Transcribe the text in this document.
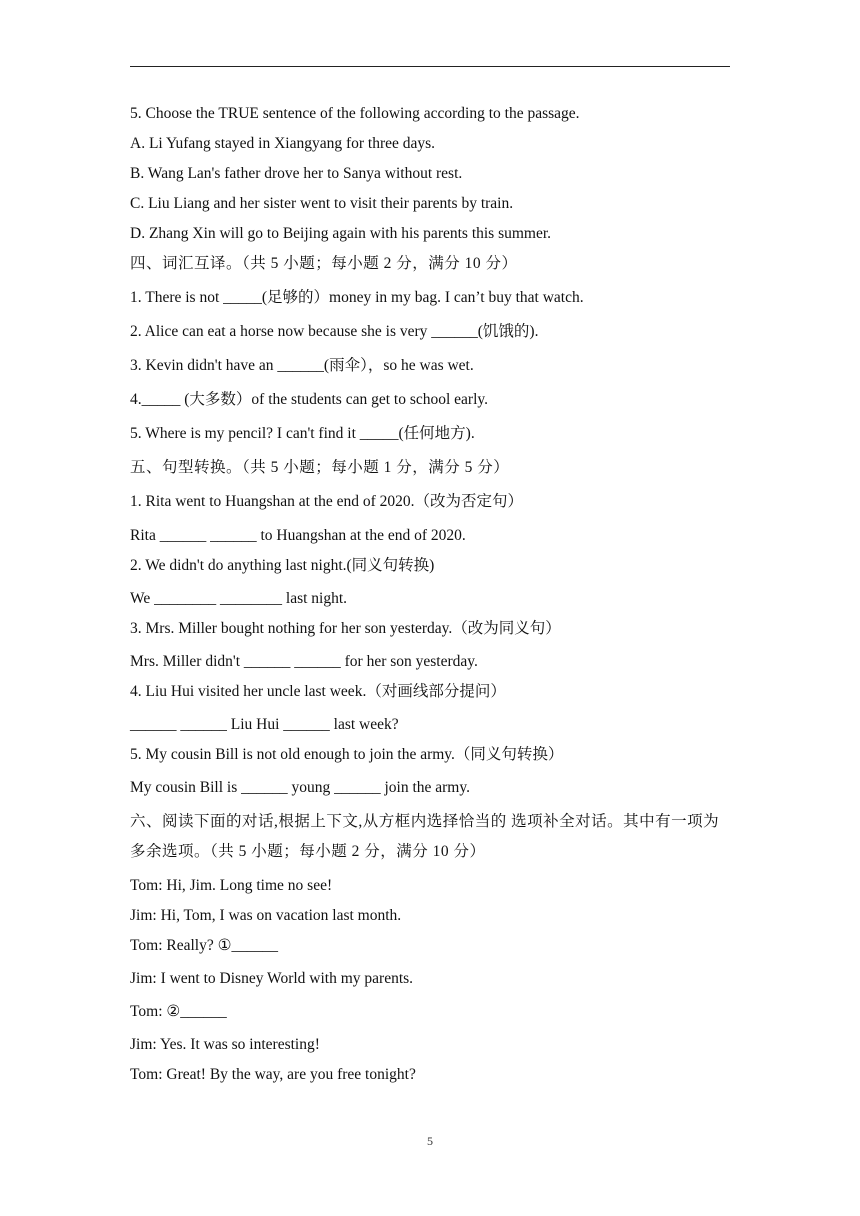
5. Choose the TRUE sentence of the following according to the passage.
A. Li Yufang stayed in Xiangyang for three days.
B. Wang Lan's father drove her to Sanya without rest.
C. Liu Liang and her sister went to visit their parents by train.
D. Zhang Xin will go to Beijing again with his parents this summer.
四、词汇互译。（共 5 小题；每小题 2 分，满分 10 分）
1. There is not _____(足够的）money in my bag. I can’t buy that watch.
2. Alice can eat a horse now because she is very ______(饥饿的).
3. Kevin didn't have an ______(雨伞），so he was wet.
4._____ (大多数）of the students can get to school early.
5. Where is my pencil? I can't find it _____(任何地方).
五、句型转换。（共 5 小题；每小题 1 分，满分 5 分）
1. Rita went to Huangshan at the end of 2020.（改为否定句）
Rita ______ ______ to Huangshan at the end of 2020.
2. We didn't do anything last night.(同义句转换)
We ________ ________ last night.
3. Mrs. Miller bought nothing for her son yesterday.（改为同义句）
Mrs. Miller didn't ______ ______ for her son yesterday.
4. Liu Hui visited her uncle last week.（对画线部分提问）
______ ______ Liu Hui ______ last week?
5. My cousin Bill is not old enough to join the army.（同义句转换）
My cousin Bill is ______ young ______ join the army.
六、阅读下面的对话,根据上下文,从方框内选择恰当的 选项补全对话。其中有一项为多余选项。（共 5 小题；每小题 2 分，满分 10 分）
Tom: Hi, Jim. Long time no see!
Jim: Hi, Tom, I was on vacation last month.
Tom: Really? ①______
Jim: I went to Disney World with my parents.
Tom: ②______
Jim: Yes. It was so interesting!
Tom: Great! By the way, are you free tonight?
5
